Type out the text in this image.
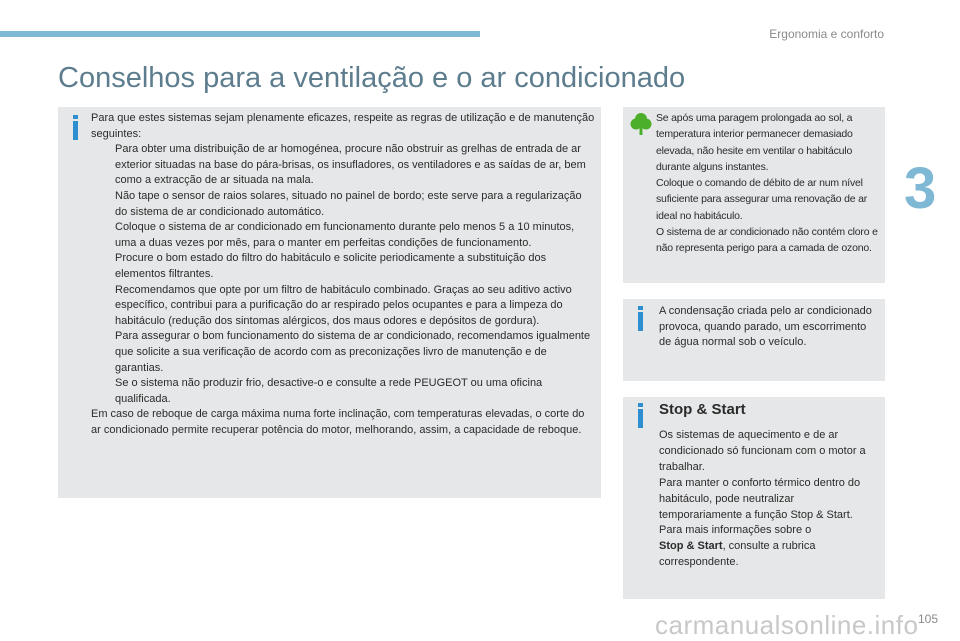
Ergonomia e conforto
3
Conselhos para a ventilação e o ar condicionado

Para que estes sistemas sejam plenamente eficazes, respeite as regras de utilização e de manutenção seguintes:

Para obter uma distribuição de ar homogénea, procure não obstruir as grelhas de entrada de ar exterior situadas na base do pára-brisas, os insufladores, os ventiladores e as saídas de ar, bem como a extracção de ar situada na mala.

Não tape o sensor de raios solares, situado no painel de bordo; este serve para a regularização do sistema de ar condicionado automático.

Coloque o sistema de ar condicionado em funcionamento durante pelo menos 5 a 10 minutos, uma a duas vezes por mês, para o manter em perfeitas condições de funcionamento.

Procure o bom estado do filtro do habitáculo e solicite periodicamente a substituição dos elementos filtrantes.

Recomendamos que opte por um filtro de habitáculo combinado. Graças ao seu aditivo activo específico, contribui para a purificação do ar respirado pelos ocupantes e para a limpeza do habitáculo (redução dos sintomas alérgicos, dos maus odores e depósitos de gordura).

Para assegurar o bom funcionamento do sistema de ar condicionado, recomendamos igualmente que solicite a sua verificação de acordo com as preconizações livro de manutenção e de garantias.

Se o sistema não produzir frio, desactive-o e consulte a rede PEUGEOT ou uma oficina qualificada.

Em caso de reboque de carga máxima numa forte inclinação, com temperaturas elevadas, o corte do ar condicionado permite recuperar potência do motor, melhorando, assim, a capacidade de reboque.

Se após uma paragem prolongada ao sol, a temperatura interior permanecer demasiado elevada, não hesite em ventilar o habitáculo durante alguns instantes.

Coloque o comando de débito de ar num nível suficiente para assegurar uma renovação de ar ideal no habitáculo.

O sistema de ar condicionado não contém cloro e não representa perigo para a camada de ozono.

A condensação criada pelo ar condicionado provoca, quando parado, um escorrimento de água normal sob o veículo.

Stop & Start

Os sistemas de aquecimento e de ar condicionado só funcionam com o motor a trabalhar.

Para manter o conforto térmico dentro do habitáculo, pode neutralizar temporariamente a função Stop & Start.

Para mais informações sobre o
Stop & Start, consulte a rubrica correspondente.

carmanualsonline.info 105
